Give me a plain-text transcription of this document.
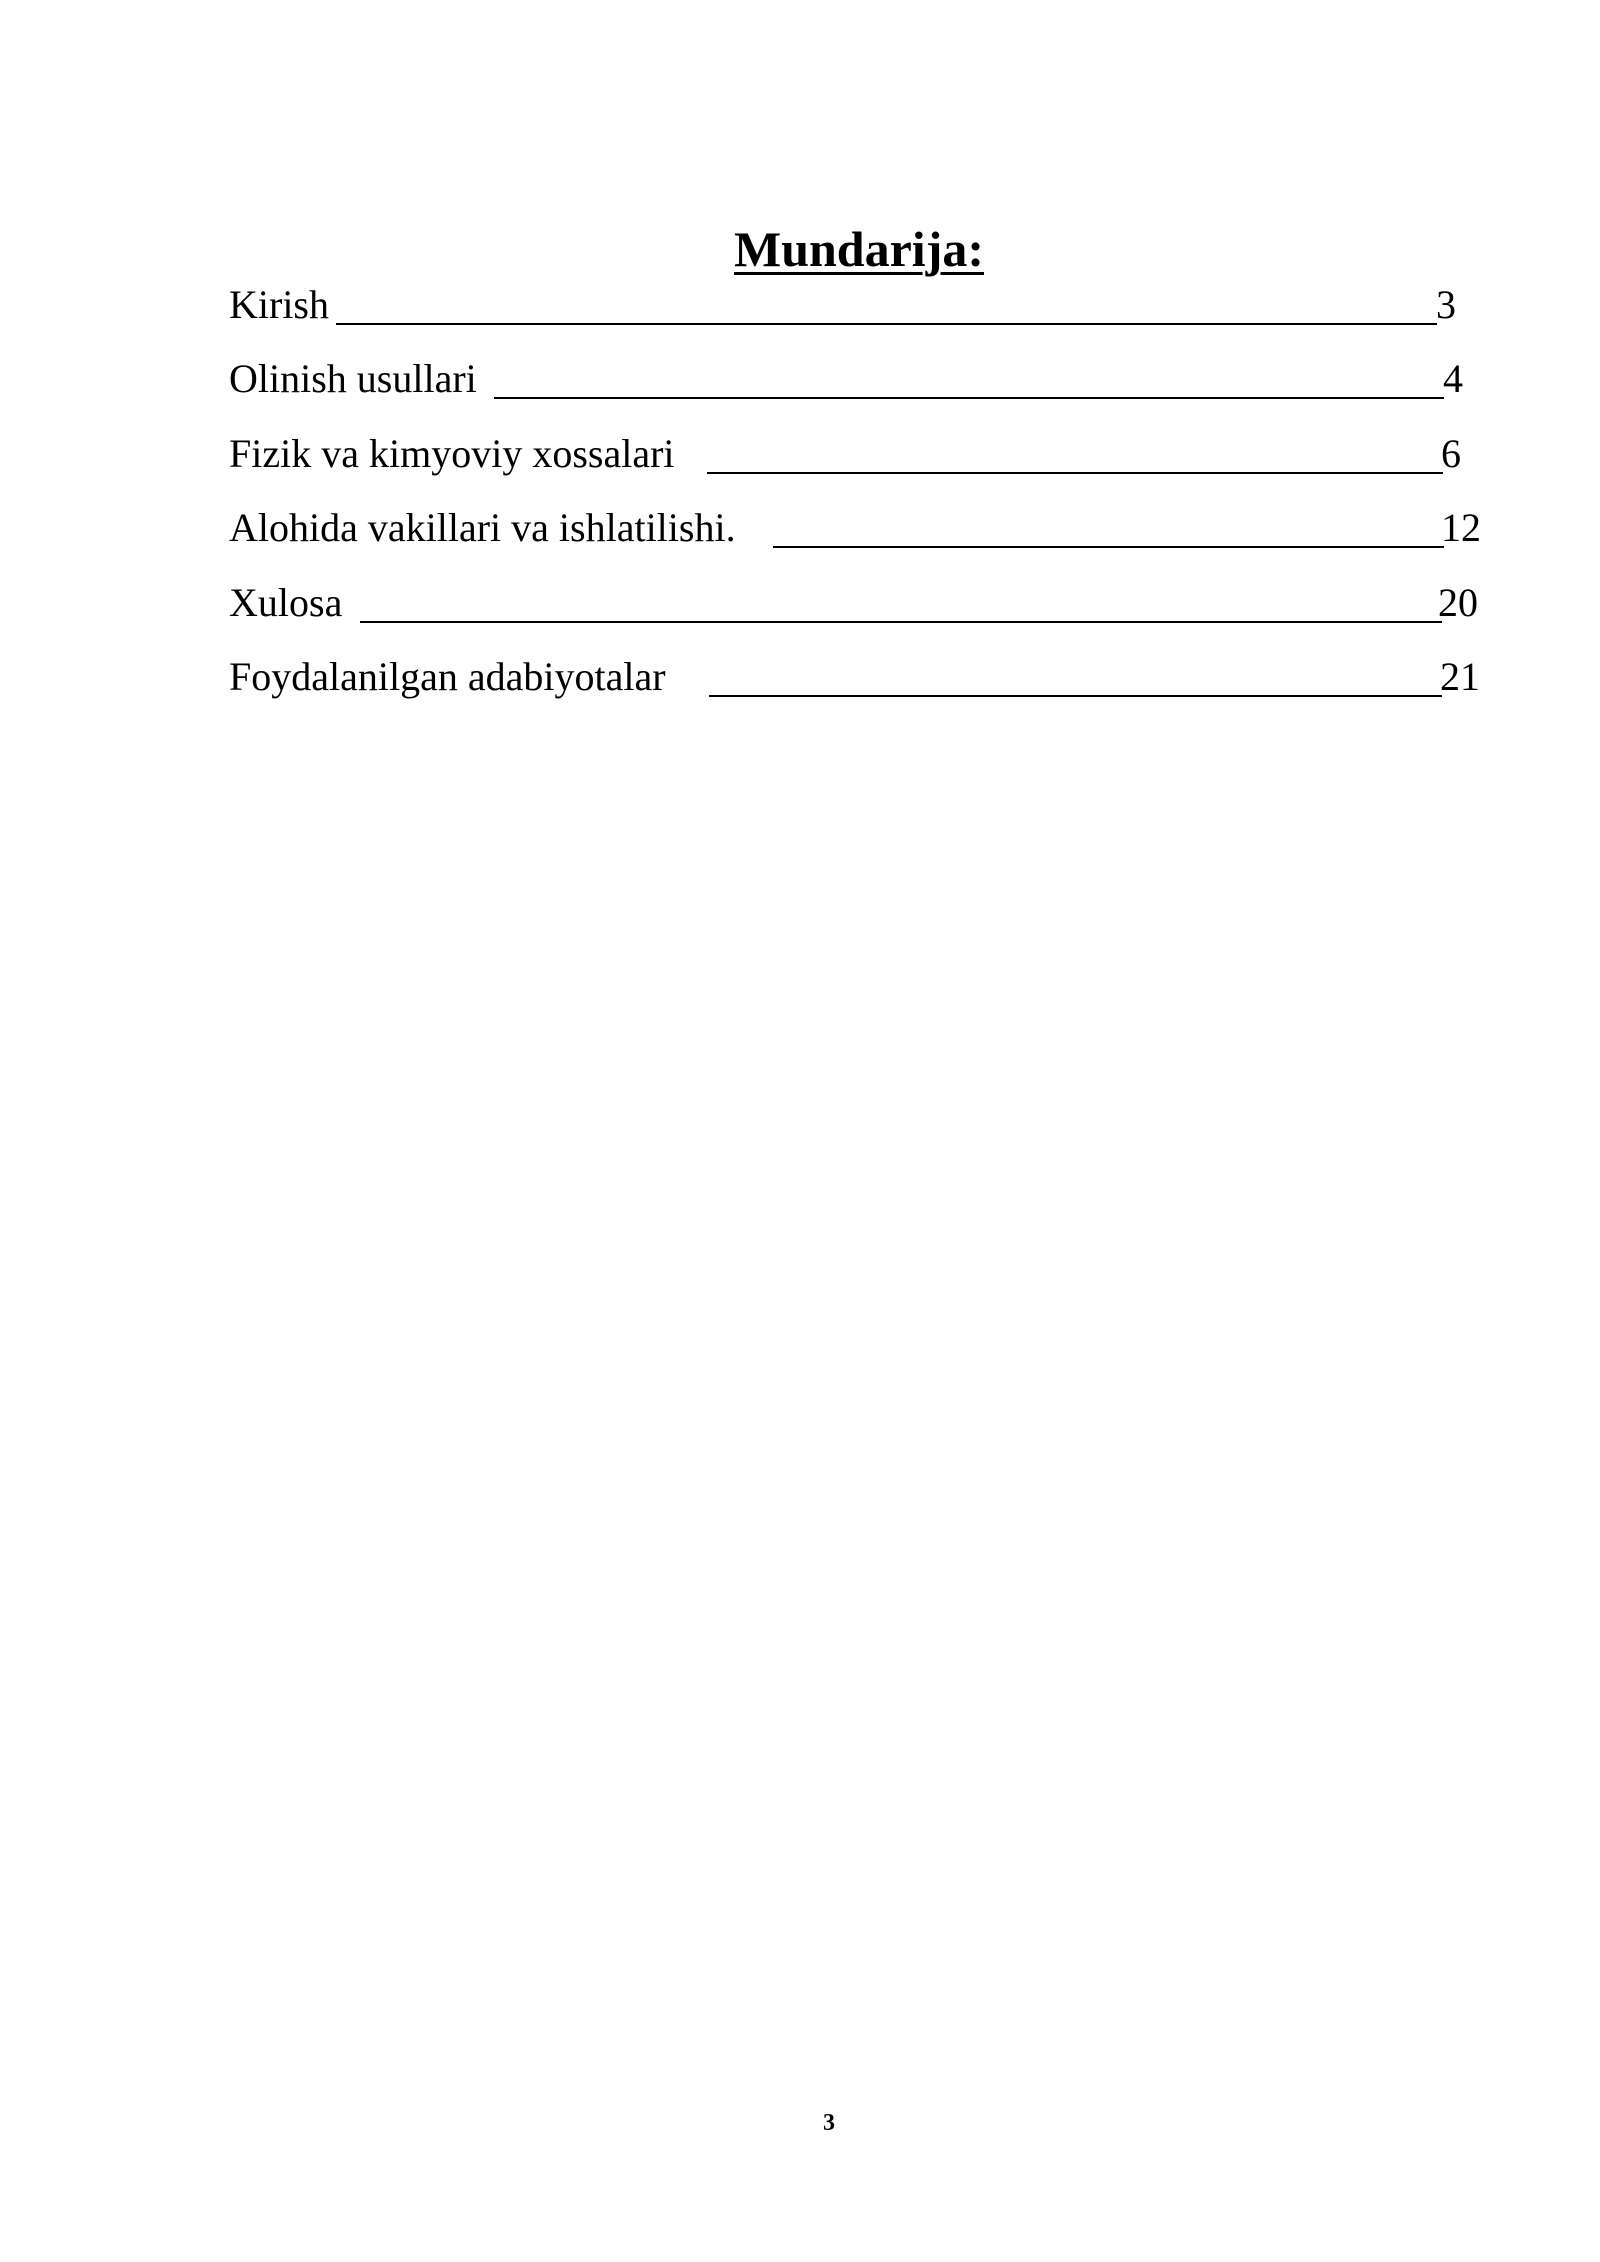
Mundarija:
Kirish	3
Olinish usullari	4
Fizik va kimyoviy xossalari	6
Alohida vakillari va ishlatilishi.	12
Xulosa	20
Foydalanilgan adabiyotalar	21
3
